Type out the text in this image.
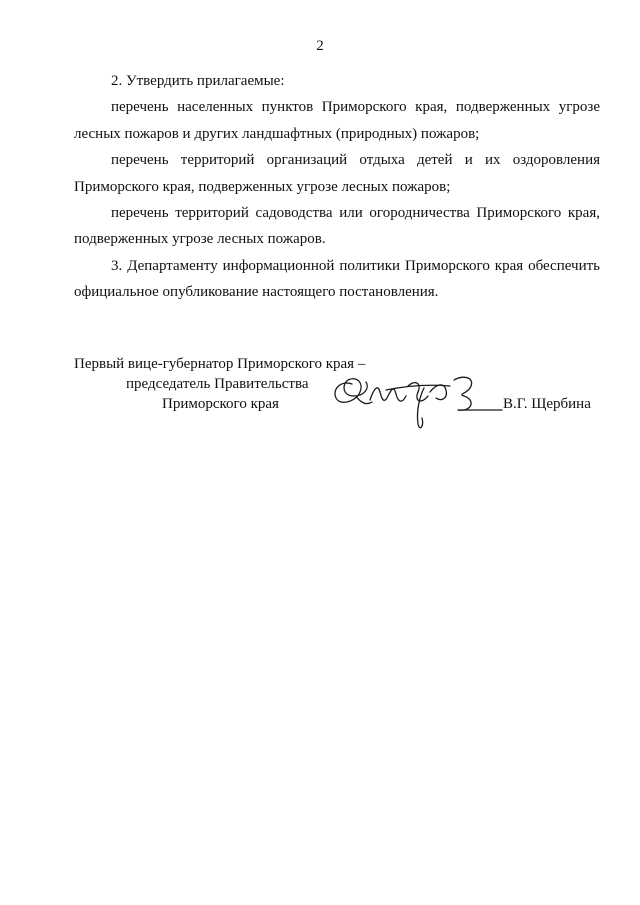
2

2. Утвердить прилагаемые:

перечень населенных пунктов Приморского края, подверженных угрозе лесных пожаров и других ландшафтных (природных) пожаров;

перечень территорий организаций отдыха детей и их оздоровления Приморского края, подверженных угрозе лесных пожаров;

перечень территорий садоводства или огородничества Приморского края, подверженных угрозе лесных пожаров.

3. Департаменту информационной политики Приморского края обеспечить официальное опубликование настоящего постановления.

Первый вице-губернатор Приморского края –
председатель Правительства
Приморского края	В.Г. Щербина
